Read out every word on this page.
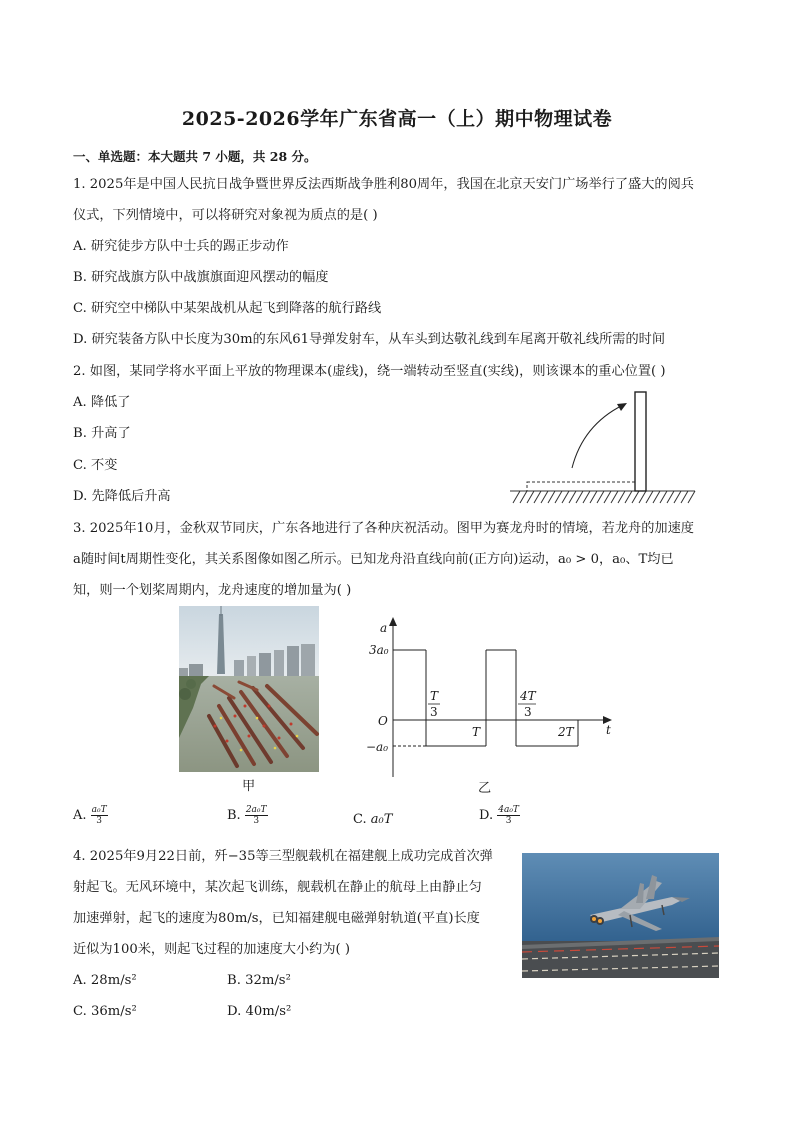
2025-2026学年广东省高一（上）期中物理试卷
一、单选题：本大题共 7 小题，共 28 分。
1. 2025年是中国人民抗日战争暨世界反法西斯战争胜利80周年，我国在北京天安门广场举行了盛大的阅兵
仪式，下列情境中，可以将研究对象视为质点的是( )
A. 研究徒步方队中士兵的踢正步动作
B. 研究战旗方队中战旗旗面迎风摆动的幅度
C. 研究空中梯队中某架战机从起飞到降落的航行路线
D. 研究装备方队中长度为30m的东风61导弹发射车，从车头到达敬礼线到车尾离开敬礼线所需的时间
2. 如图，某同学将水平面上平放的物理课本(虚线)，绕一端转动至竖直(实线)，则该课本的重心位置( )
A. 降低了
B. 升高了
C. 不变
D. 先降低后升高
3. 2025年10月，金秋双节同庆，广东各地进行了各种庆祝活动。图甲为赛龙舟时的情境，若龙舟的加速度
a随时间t周期性变化，其关系图像如图乙所示。已知龙舟沿直线向前(正方向)运动，a₀ > 0，a₀、T均已
知，则一个划桨周期内，龙舟速度的增加量为( )
甲
a
t
O
3a₀
−a₀
T
3
4T
3
T	2T
乙
A. $\frac{\text{a₀T}}{3}$	B. $\frac{\text{2a₀T}}{3}$	C. a₀T	D. $\frac{\text{4a₀T}}{3}$
4. 2025年9月22日前，歼−35等三型舰载机在福建舰上成功完成首次弹
射起飞。无风环境中，某次起飞训练，舰载机在静止的航母上由静止匀
加速弹射，起飞的速度为80m/s，已知福建舰电磁弹射轨道(平直)长度
近似为100米，则起飞过程的加速度大小约为( )
A. 28m/s²	B. 32m/s²
C. 36m/s²	D. 40m/s²
